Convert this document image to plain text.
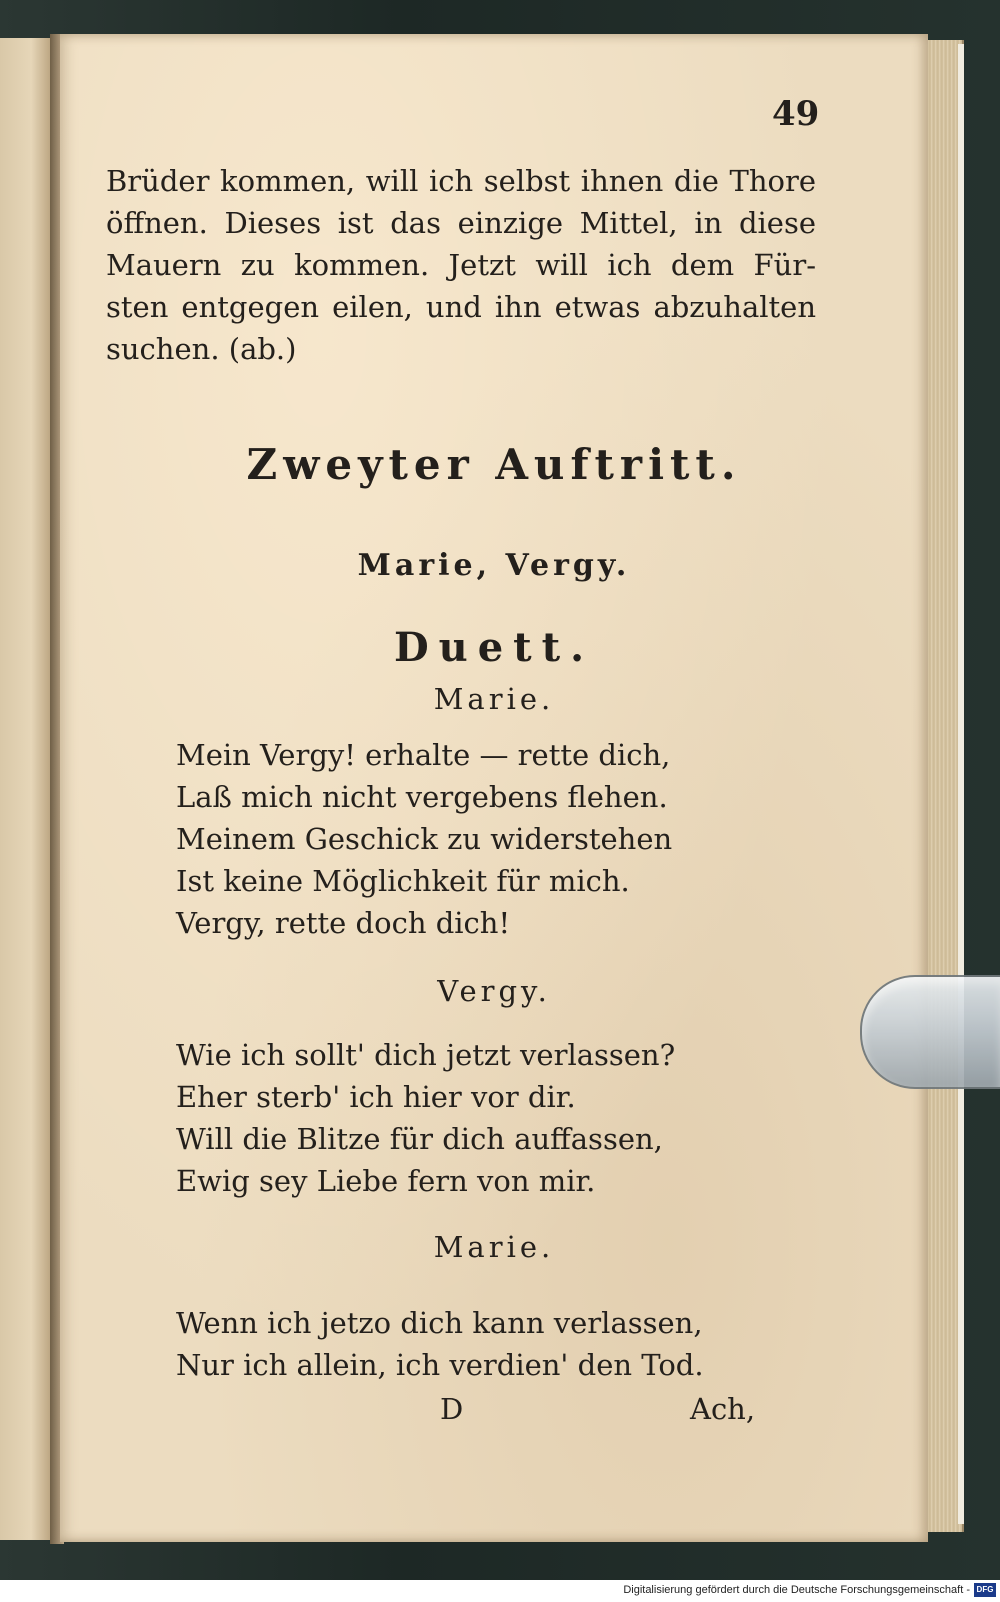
49
Brüder kommen, will ich selbst ihnen die Thore
öffnen. Dieses ist das einzige Mittel, in diese
Mauern zu kommen. Jetzt will ich dem Für-
sten entgegen eilen, und ihn etwas abzuhalten
suchen. (ab.)
Zweyter Auftritt.
Marie, Vergy.
Duett.
Marie.
Mein Vergy! erhalte — rette dich,
Laß mich nicht vergebens flehen.
Meinem Geschick zu widerstehen
Ist keine Möglichkeit für mich.
Vergy, rette doch dich!
Vergy.
Wie ich sollt' dich jetzt verlassen?
Eher sterb' ich hier vor dir.
Will die Blitze für dich auffassen,
Ewig sey Liebe fern von mir.
Marie.
Wenn ich jetzo dich kann verlassen,
Nur ich allein, ich verdien' den Tod.
D	Ach,
Digitalisierung gefördert durch die Deutsche Forschungsgemeinschaft - DFG
